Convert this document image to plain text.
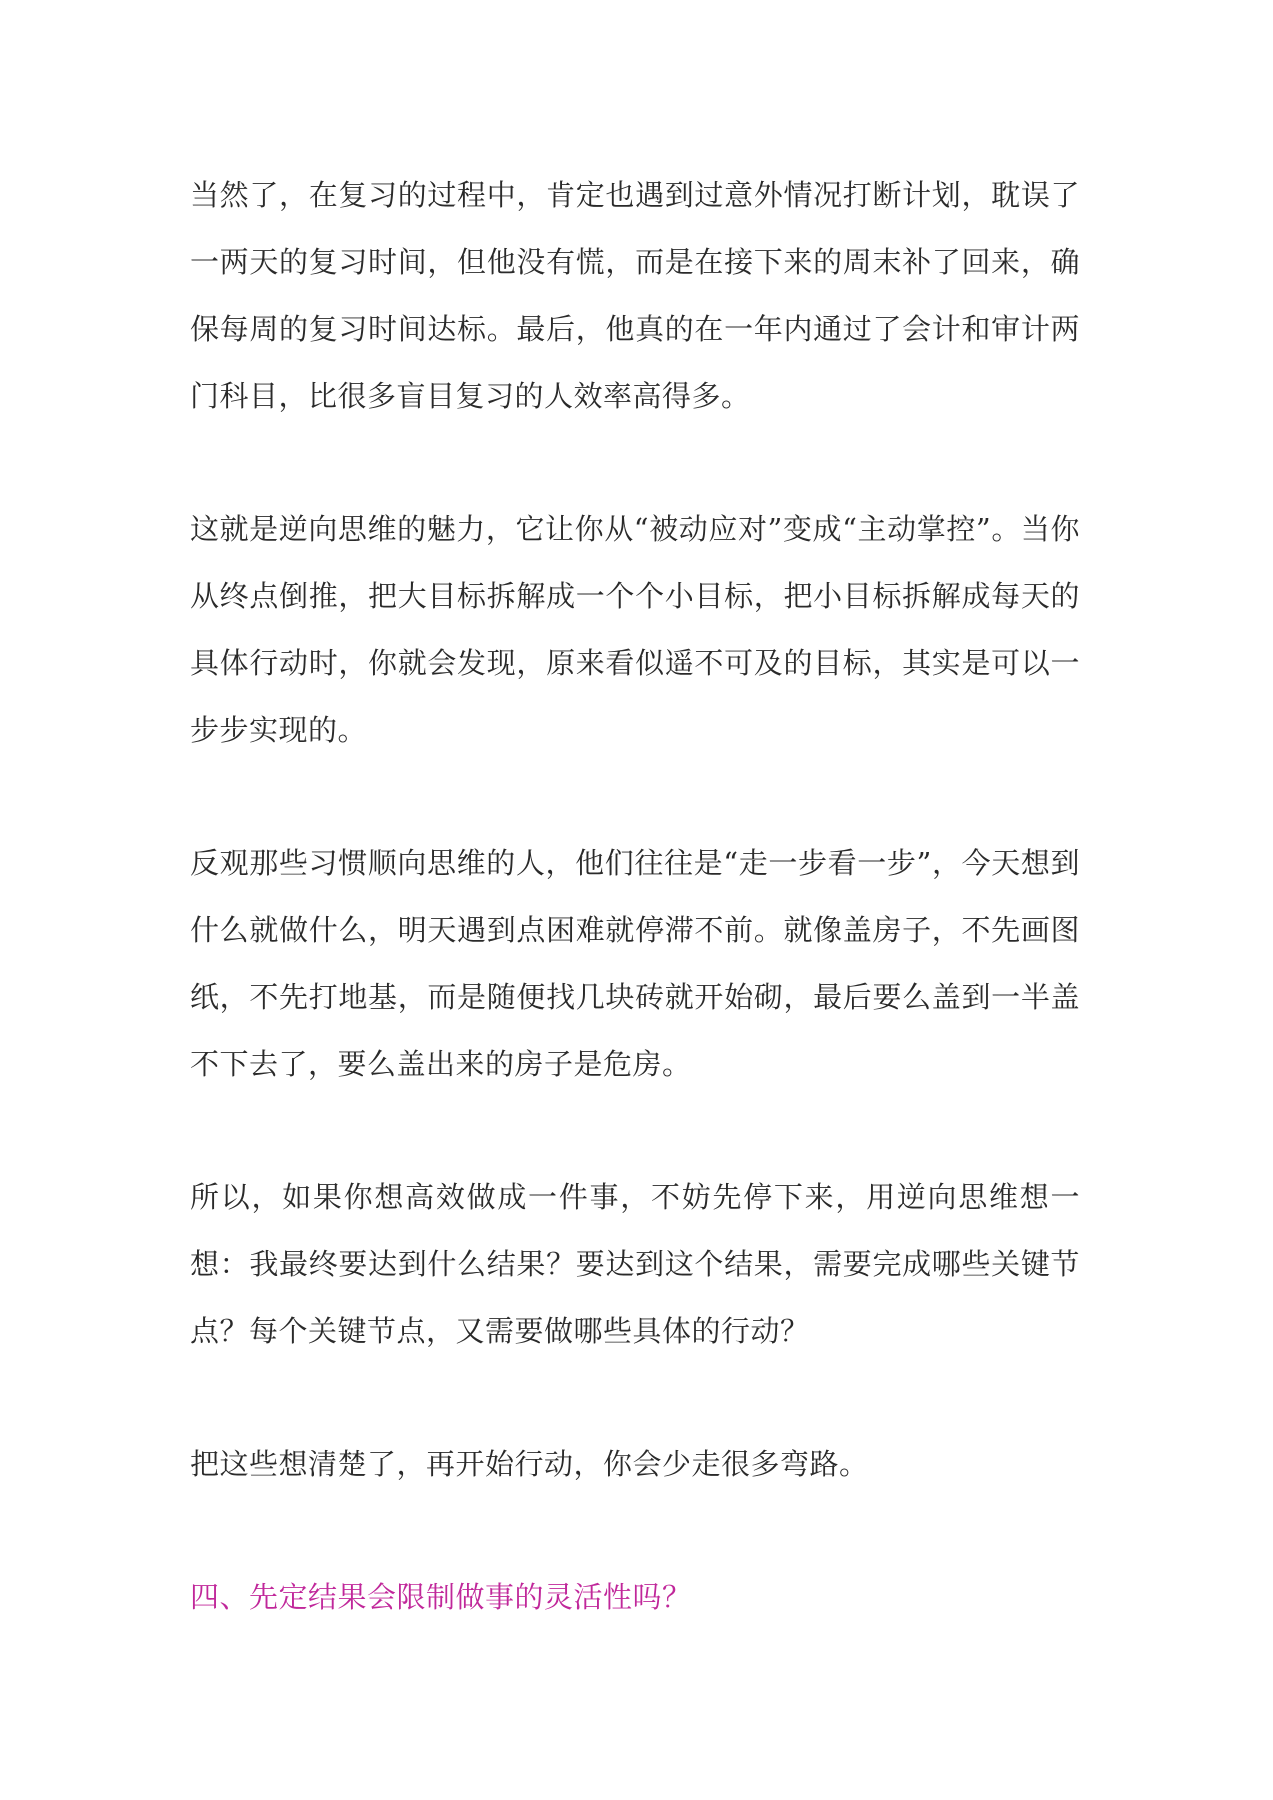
当然了，在复习的过程中，肯定也遇到过意外情况打断计划，耽误了一两天的复习时间，但他没有慌，而是在接下来的周末补了回来，确保每周的复习时间达标。最后，他真的在一年内通过了会计和审计两门科目，比很多盲目复习的人效率高得多。

这就是逆向思维的魅力，它让你从“被动应对”变成“主动掌控”。当你从终点倒推，把大目标拆解成一个个小目标，把小目标拆解成每天的具体行动时，你就会发现，原来看似遥不可及的目标，其实是可以一步步实现的。

反观那些习惯顺向思维的人，他们往往是“走一步看一步”，今天想到什么就做什么，明天遇到点困难就停滞不前。就像盖房子，不先画图纸，不先打地基，而是随便找几块砖就开始砌，最后要么盖到一半盖不下去了，要么盖出来的房子是危房。

所以，如果你想高效做成一件事，不妨先停下来，用逆向思维想一想：我最终要达到什么结果？要达到这个结果，需要完成哪些关键节点？每个关键节点，又需要做哪些具体的行动？

把这些想清楚了，再开始行动，你会少走很多弯路。

四、先定结果会限制做事的灵活性吗？
